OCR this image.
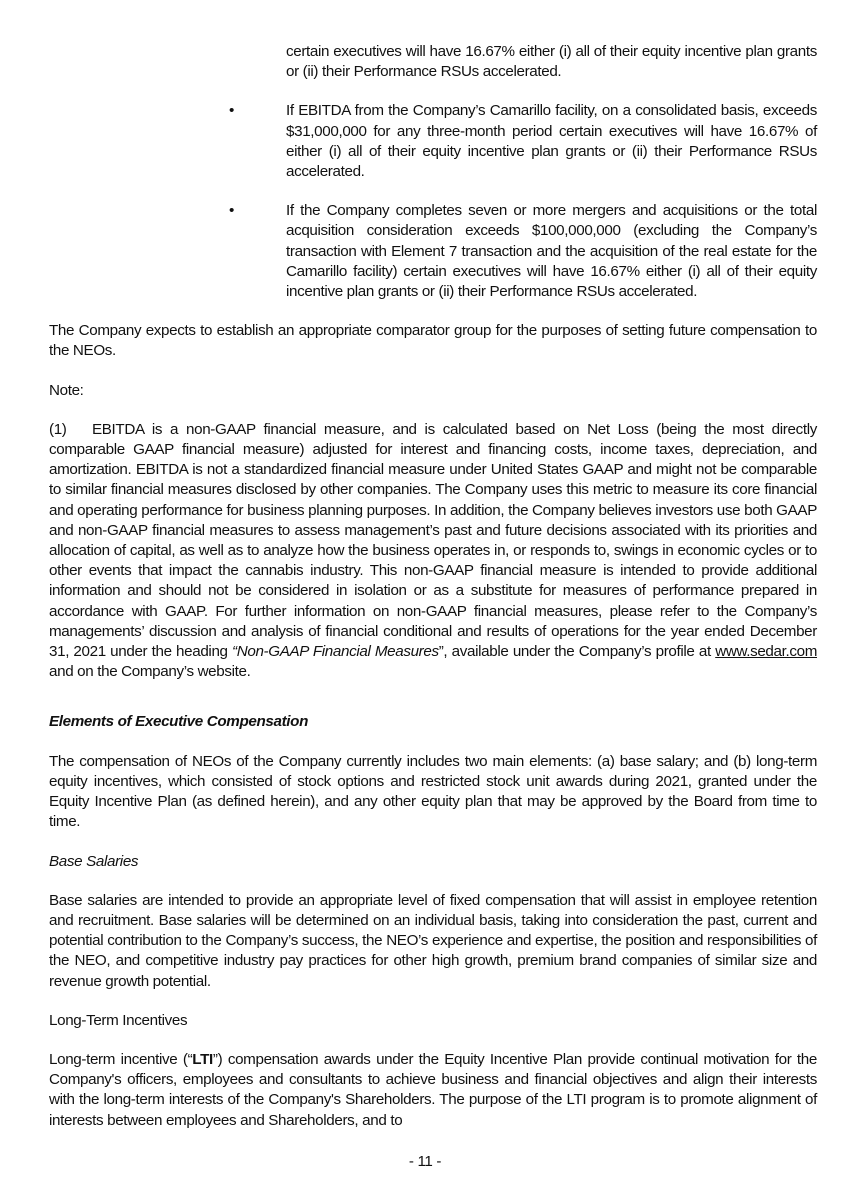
certain executives will have 16.67% either (i) all of their equity incentive plan grants or (ii) their Performance RSUs accelerated.

•	If EBITDA from the Company’s Camarillo facility, on a consolidated basis, exceeds $31,000,000 for any three-month period certain executives will have 16.67% of either (i) all of their equity incentive plan grants or (ii) their Performance RSUs accelerated.

•	If the Company completes seven or more mergers and acquisitions or the total acquisition consideration exceeds $100,000,000 (excluding the Company’s transaction with Element 7 transaction and the acquisition of the real estate for the Camarillo facility) certain executives will have 16.67% either (i) all of their equity incentive plan grants or (ii) their Performance RSUs accelerated.

The Company expects to establish an appropriate comparator group for the purposes of setting future compensation to the NEOs.

Note:

(1) EBITDA is a non-GAAP financial measure, and is calculated based on Net Loss (being the most directly comparable GAAP financial measure) adjusted for interest and financing costs, income taxes, depreciation, and amortization. EBITDA is not a standardized financial measure under United States GAAP and might not be comparable to similar financial measures disclosed by other companies. The Company uses this metric to measure its core financial and operating performance for business planning purposes. In addition, the Company believes investors use both GAAP and non-GAAP financial measures to assess management’s past and future decisions associated with its priorities and allocation of capital, as well as to analyze how the business operates in, or responds to, swings in economic cycles or to other events that impact the cannabis industry. This non-GAAP financial measure is intended to provide additional information and should not be considered in isolation or as a substitute for measures of performance prepared in accordance with GAAP. For further information on non-GAAP financial measures, please refer to the Company’s managements’ discussion and analysis of financial conditional and results of operations for the year ended December 31, 2021 under the heading “Non-GAAP Financial Measures”, available under the Company’s profile at www.sedar.com and on the Company’s website.

Elements of Executive Compensation

The compensation of NEOs of the Company currently includes two main elements: (a) base salary; and (b) long-term equity incentives, which consisted of stock options and restricted stock unit awards during 2021, granted under the Equity Incentive Plan (as defined herein), and any other equity plan that may be approved by the Board from time to time.

Base Salaries

Base salaries are intended to provide an appropriate level of fixed compensation that will assist in employee retention and recruitment. Base salaries will be determined on an individual basis, taking into consideration the past, current and potential contribution to the Company’s success, the NEO’s experience and expertise, the position and responsibilities of the NEO, and competitive industry pay practices for other high growth, premium brand companies of similar size and revenue growth potential.

Long-Term Incentives

Long-term incentive (“LTI”) compensation awards under the Equity Incentive Plan provide continual motivation for the Company's officers, employees and consultants to achieve business and financial objectives and align their interests with the long-term interests of the Company's Shareholders. The purpose of the LTI program is to promote alignment of interests between employees and Shareholders, and to

- 11 -
